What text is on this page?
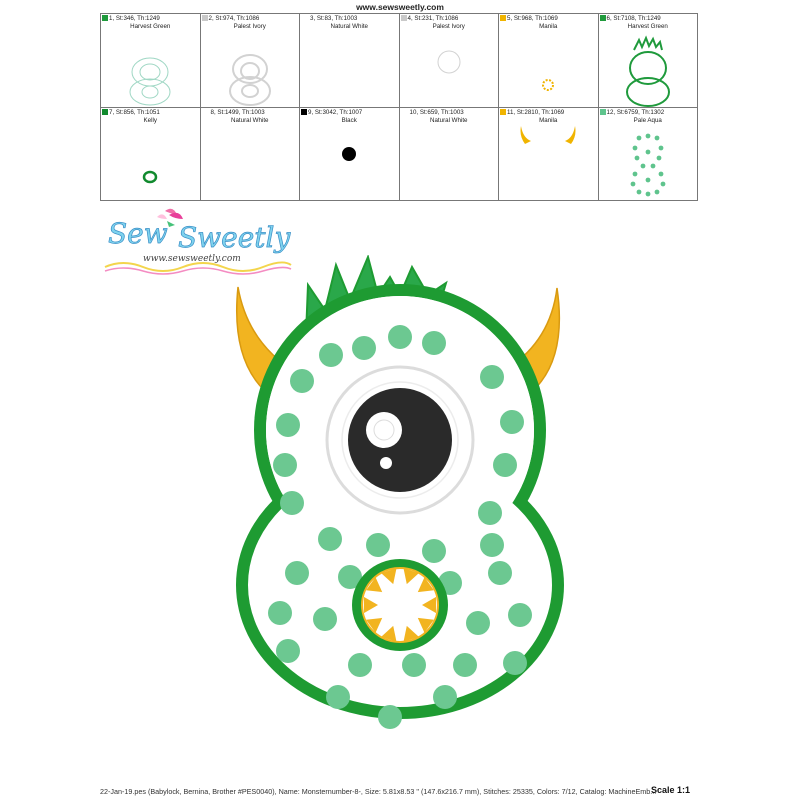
www.sewsweetly.com
1, St:346, Th:1249
Harvest Green
2, St:974, Th:1086
Palest Ivory
3, St:83, Th:1003
Natural White
4, St:231, Th:1086
Palest Ivory
5, St:968, Th:1069
Manila
6, St:7108, Th:1249
Harvest Green
7, St:856, Th:1051
Kelly
8, St:1499, Th:1003
Natural White
9, St:3042, Th:1007
Black
10, St:659, Th:1003
Natural White
11, St:2810, Th:1069
Manila
12, St:6759, Th:1302
Pale Aqua
Sew Sweetly
www.sewsweetly.com
22-Jan-19.pes (Babylock, Bernina, Brother #PES0040), Name: Monsternumber-8-, Size: 5.81x8.53 " (147.6x216.7 mm), Stitches: 25335, Colors: 7/12, Catalog: MachineEmb...
Scale 1:1
